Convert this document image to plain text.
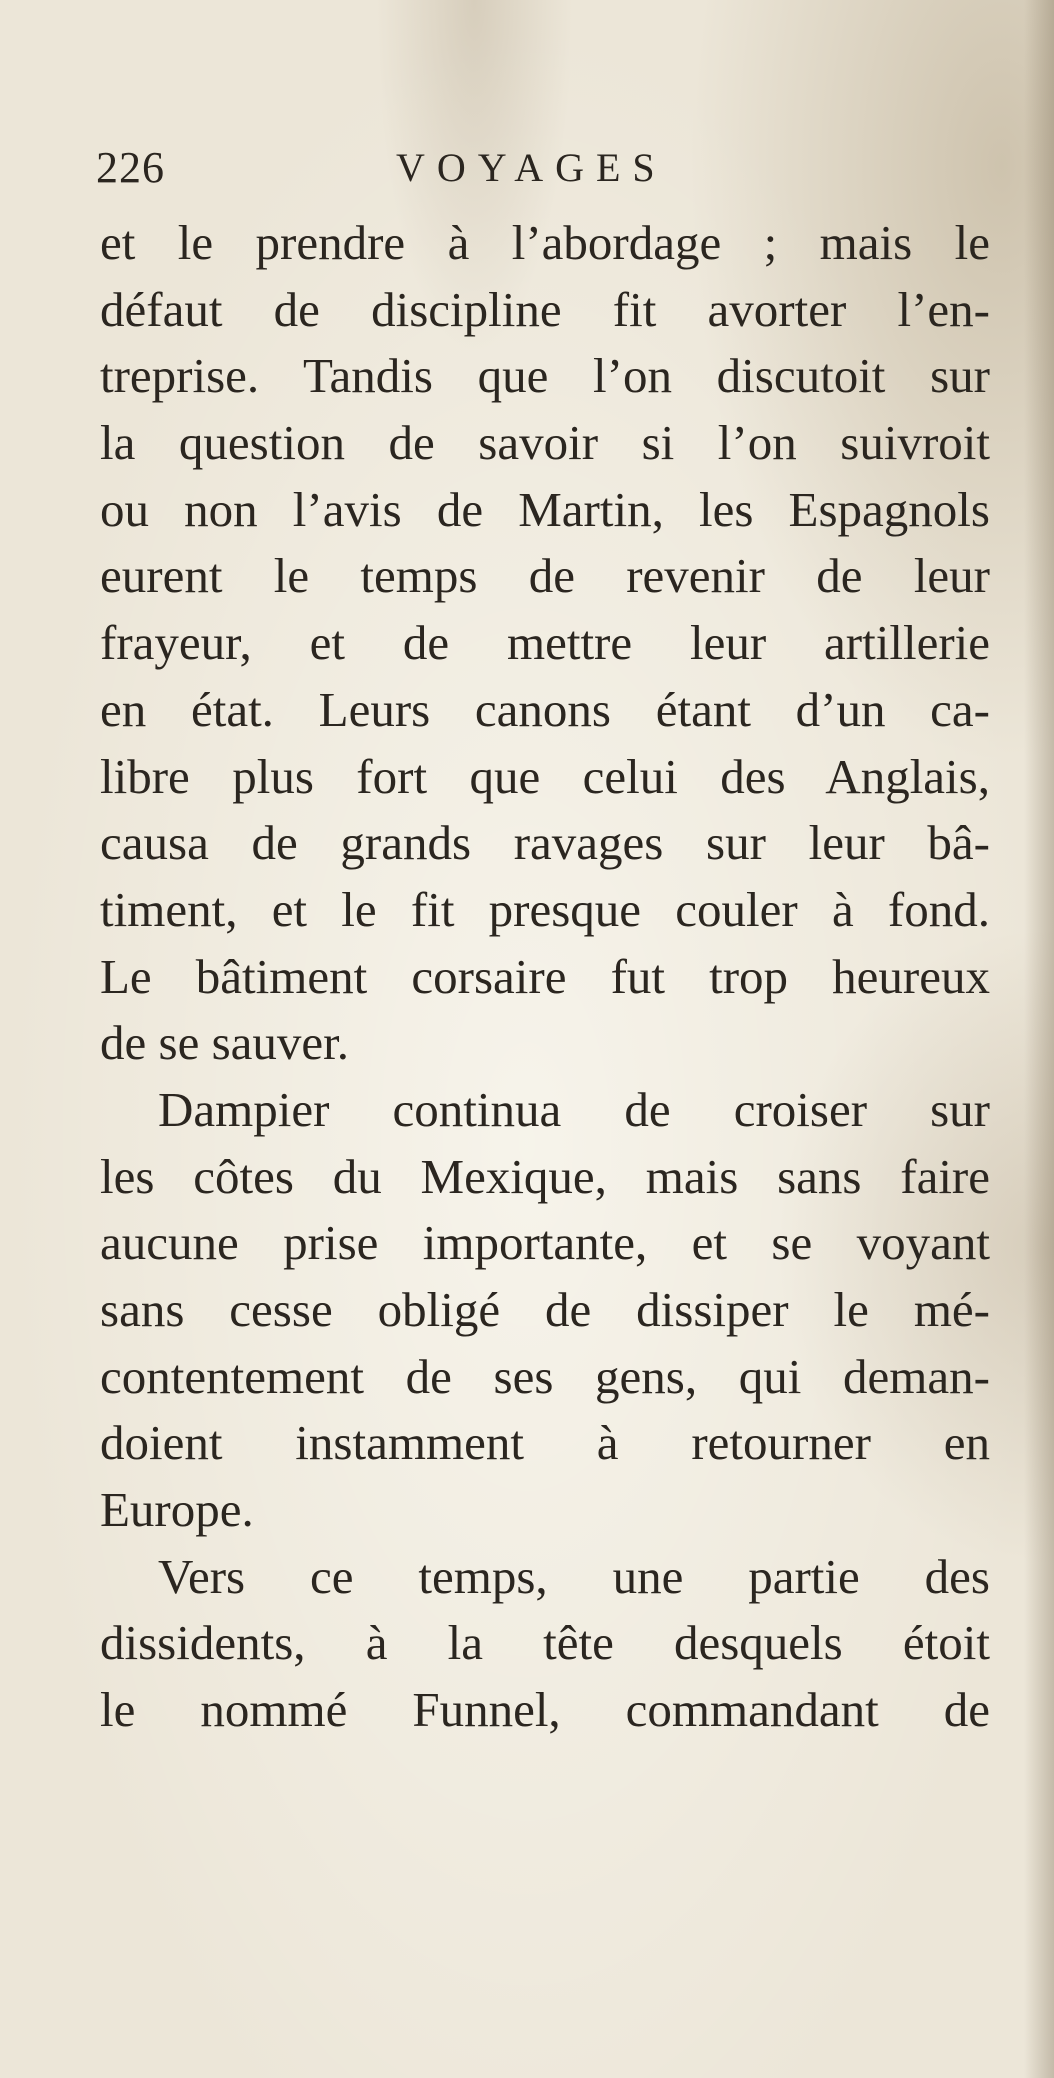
226	VOYAGES
et le prendre à l’abordage ; mais le
défaut de discipline fit avorter l’en-
treprise. Tandis que l’on discutoit sur
la question de savoir si l’on suivroit
ou non l’avis de Martin, les Espagnols
eurent le temps de revenir de leur
frayeur, et de mettre leur artillerie
en état. Leurs canons étant d’un ca-
libre plus fort que celui des Anglais,
causa de grands ravages sur leur bâ-
timent, et le fit presque couler à fond.
Le bâtiment corsaire fut trop heureux
de se sauver.
Dampier continua de croiser sur
les côtes du Mexique, mais sans faire
aucune prise importante, et se voyant
sans cesse obligé de dissiper le mé-
contentement de ses gens, qui deman-
doient instamment à retourner en
Europe.
Vers ce temps, une partie des
dissidents, à la tête desquels étoit
le nommé Funnel, commandant de
